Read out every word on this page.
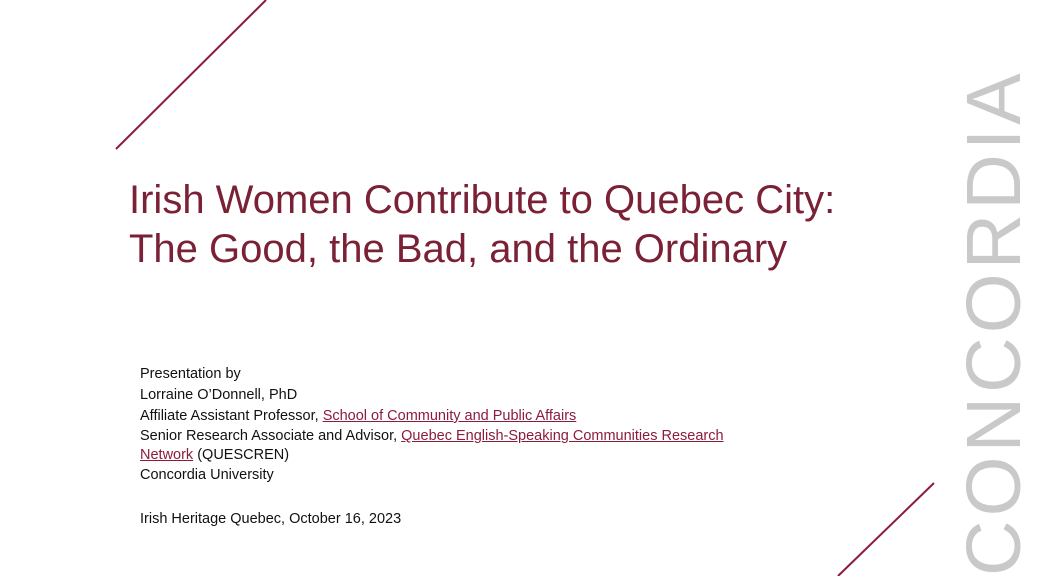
Irish Women Contribute to Quebec City:
The Good, the Bad, and the Ordinary
Presentation by
Lorraine O’Donnell, PhD
Affiliate Assistant Professor, School of Community and Public Affairs
Senior Research Associate and Advisor, Quebec English-Speaking Communities Research
Network (QUESCREN)
Concordia University
Irish Heritage Quebec, October 16, 2023	CONCORDIA
